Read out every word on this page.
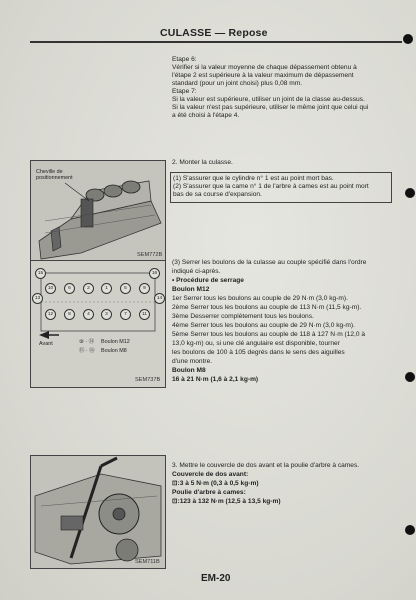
CULASSE — Repose
Etape 6:
Vérifier si la valeur moyenne de chaque dépassement obtenu à
l'étape 2 est supérieure à la valeur maximum de dépassement
standard (pour un joint choisi) plus 0,08 mm.
Etape 7:
Si la valeur est supérieure, utiliser un joint de la classe au-dessus.
Si la valeur n'est pas supérieure, utiliser le même joint que celui qui
a été choisi à l'étape 4.
Cheville de
positionnement
SEM772B
2. Monter la culasse.
(1) S'assurer que le cylindre n° 1 est au point mort bas.
(2) S'assurer que la came n° 1 de l'arbre à cames est au point mort
bas de sa course d'expansion.
15	16
10	6	2	1	5	9
13	14
12	8	4	3	7	11
Avant	⑨ · ⑭ Boulon M12
⑮ · ⑯ Boulon M8
SEM737B
(3) Serrer les boulons de la culasse au couple spécifié dans l'ordre
indiqué ci-après.
• Procédure de serrage
Boulon M12
1er Serrer tous les boulons au couple de 29 N·m (3,0 kg-m).
2ème Serrer tous les boulons au couple de 113 N·m (11,5 kg-m).
3ème Desserrer complètement tous les boulons.
4ème Serrer tous les boulons au couple de 29 N·m (3,0 kg-m).
5ème Serrer tous les boulons au couple de 118 à 127 N·m (12,0 à
13,0 kg-m) ou, si une clé angulaire est disponible, tourner
les boulons de 100 à 105 degrés dans le sens des aiguilles
d'une montre.
Boulon M8
16 à 21 N·m (1,6 à 2,1 kg-m)
SEM711B
3. Mettre le couvercle de dos avant et la poulie d'arbre à cames.
Couvercle de dos avant:
⊡:3 à 5 N·m (0,3 à 0,5 kg-m)
Poulie d'arbre à cames:
⊡:123 à 132 N·m (12,5 à 13,5 kg-m)
EM-20
